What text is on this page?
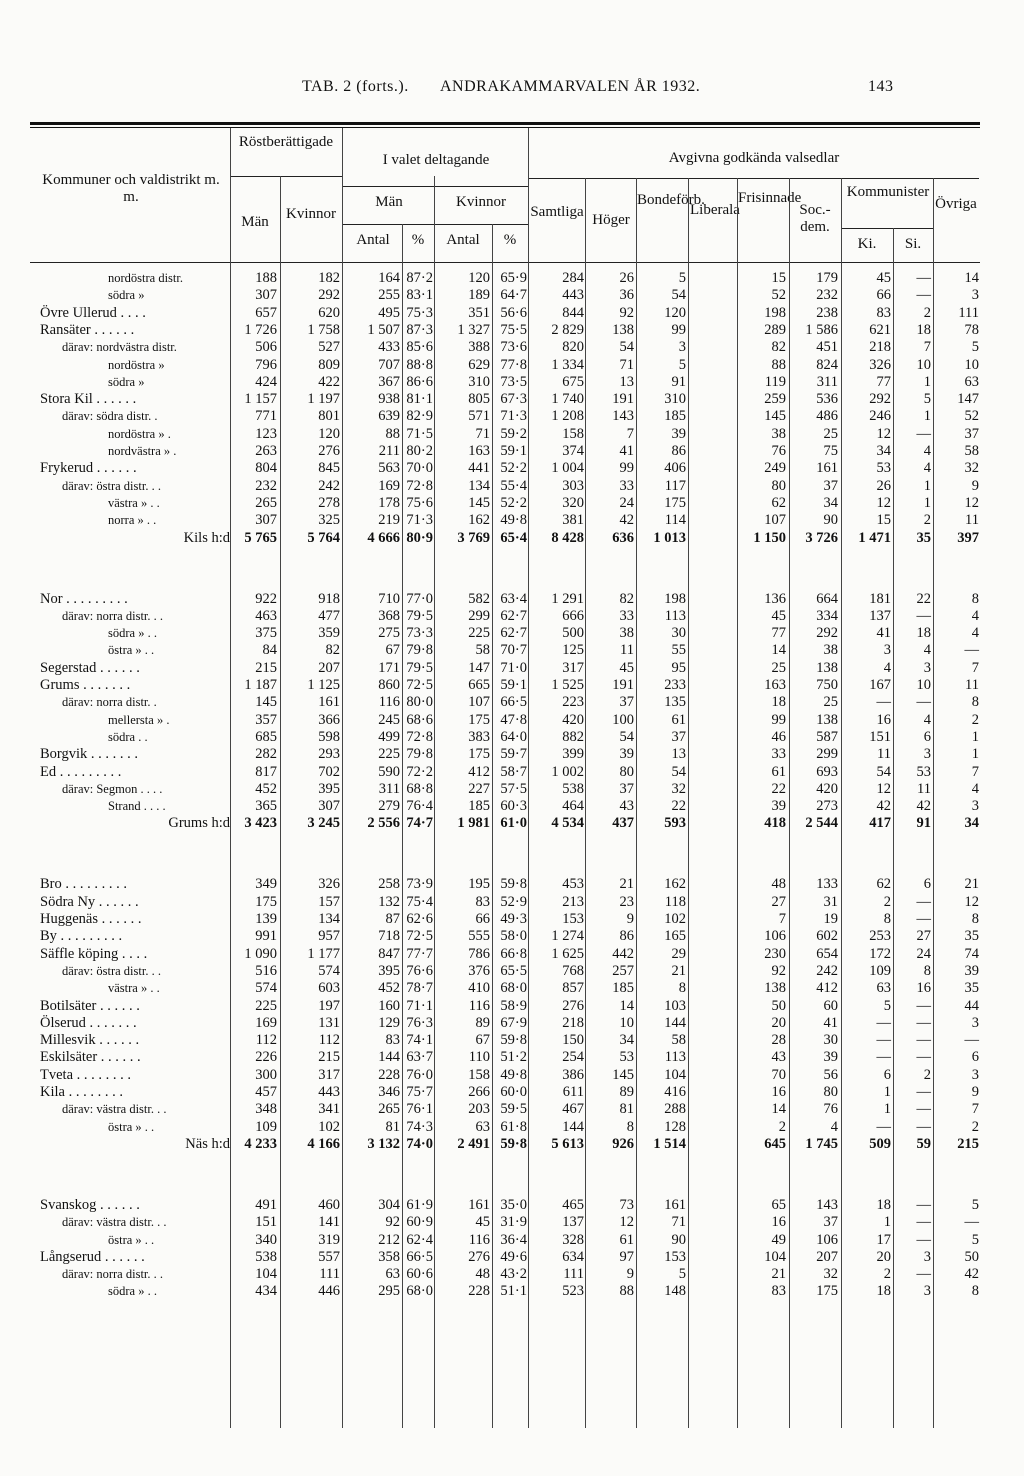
TAB. 2 (forts.). ANDRAKAMMARVALEN ÅR 1932.	143
Kommuner och valdistrikt m. m.
Röstberättigade
Män	Kvinnor
I valet deltagande
Män	Kvinnor
Antal	%	Antal	%
Avgivna godkända valsedlar
Samtliga Höger
Bondeförb.
Liberala
Frisinnade
Soc.-dem.
Kommunister
Ki.	Si.
Övriga
nordöstra distr.	188	182	164 87·2	120 65·9	284	26	5	15	179	45	—	14
södra »	307	292	255 83·1	189 64·7	443	36	54	52	232	66	—	3
Övre Ullerud . . . .	657	620	495 75·3	351 56·6	844	92	120	198	238	83	2	111
Ransäter . . . . . .	1 726	1 758	1 507 87·3	1 327 75·5	2 829	138	99	289	1 586	621	18	78
därav: nordvästra distr.	506	527	433 85·6	388 73·6	820	54	3	82	451	218	7	5
nordöstra »	796	809	707 88·8	629 77·8	1 334	71	5	88	824	326	10	10
södra »	424	422	367 86·6	310 73·5	675	13	91	119	311	77	1	63
Stora Kil . . . . . .	1 157	1 197	938 81·1	805 67·3	1 740	191	310	259	536	292	5	147
därav: södra distr. .	771	801	639 82·9	571 71·3	1 208	143	185	145	486	246	1	52
nordöstra » .	123	120	88 71·5	71 59·2	158	7	39	38	25	12	—	37
nordvästra » .	263	276	211 80·2	163 59·1	374	41	86	76	75	34	4	58
Frykerud . . . . . .	804	845	563 70·0	441 52·2	1 004	99	406	249	161	53	4	32
därav: östra distr. . .	232	242	169 72·8	134 55·4	303	33	117	80	37	26	1	9
västra » . .	265	278	178 75·6	145 52·2	320	24	175	62	34	12	1	12
norra » . .	307	325	219 71·3	162 49·8	381	42	114	107	90	15	2	11
Kils h:d 5 765	5 764	4 666 80·9	3 769 65·4	8 428	636	1 013	1 150	3 726	1 471	35	397
Nor . . . . . . . . .	922	918	710 77·0	582 63·4	1 291	82	198	136	664	181	22	8
därav: norra distr. . .	463	477	368 79·5	299 62·7	666	33	113	45	334	137	—	4
södra » . .	375	359	275 73·3	225 62·7	500	38	30	77	292	41	18	4
östra » . .	84	82	67 79·8	58 70·7	125	11	55	14	38	3	4	—
Segerstad . . . . . .	215	207	171 79·5	147 71·0	317	45	95	25	138	4	3	7
Grums . . . . . . .	1 187	1 125	860 72·5	665 59·1	1 525	191	233	163	750	167	10	11
därav: norra distr. .	145	161	116 80·0	107 66·5	223	37	135	18	25	—	—	8
mellersta » .	357	366	245 68·6	175 47·8	420	100	61	99	138	16	4	2
södra . .	685	598	499 72·8	383 64·0	882	54	37	46	587	151	6	1
Borgvik . . . . . . .	282	293	225 79·8	175 59·7	399	39	13	33	299	11	3	1
Ed . . . . . . . . .	817	702	590 72·2	412 58·7	1 002	80	54	61	693	54	53	7
därav: Segmon . . . .	452	395	311 68·8	227 57·5	538	37	32	22	420	12	11	4
Strand . . . .	365	307	279 76·4	185 60·3	464	43	22	39	273	42	42	3
Grums h:d 3 423	3 245	2 556 74·7	1 981 61·0	4 534	437	593	418	2 544	417	91	34
Bro . . . . . . . . .	349	326	258 73·9	195 59·8	453	21	162	48	133	62	6	21
Södra Ny . . . . . .	175	157	132 75·4	83 52·9	213	23	118	27	31	2	—	12
Huggenäs . . . . . .	139	134	87 62·6	66 49·3	153	9	102	7	19	8	—	8
By . . . . . . . . .	991	957	718 72·5	555 58·0	1 274	86	165	106	602	253	27	35
Säffle köping . . . .	1 090	1 177	847 77·7	786 66·8	1 625	442	29	230	654	172	24	74
därav: östra distr. . .	516	574	395 76·6	376 65·5	768	257	21	92	242	109	8	39
västra » . .	574	603	452 78·7	410 68·0	857	185	8	138	412	63	16	35
Botilsäter . . . . . .	225	197	160 71·1	116 58·9	276	14	103	50	60	5	—	44
Ölserud . . . . . . .	169	131	129 76·3	89 67·9	218	10	144	20	41	—	—	3
Millesvik . . . . . .	112	112	83 74·1	67 59·8	150	34	58	28	30	—	—	—
Eskilsäter . . . . . .	226	215	144 63·7	110 51·2	254	53	113	43	39	—	—	6
Tveta . . . . . . . .	300	317	228 76·0	158 49·8	386	145	104	70	56	6	2	3
Kila . . . . . . . .	457	443	346 75·7	266 60·0	611	89	416	16	80	1	—	9
därav: västra distr. . .	348	341	265 76·1	203 59·5	467	81	288	14	76	1	—	7
östra » . .	109	102	81 74·3	63 61·8	144	8	128	2	4	—	—	2
Näs h:d 4 233	4 166	3 132 74·0	2 491 59·8	5 613	926	1 514	645	1 745	509	59	215
Svanskog . . . . . .	491	460	304 61·9	161 35·0	465	73	161	65	143	18	—	5
därav: västra distr. . .	151	141	92 60·9	45 31·9	137	12	71	16	37	1	—	—
östra » . .	340	319	212 62·4	116 36·4	328	61	90	49	106	17	—	5
Långserud . . . . . .	538	557	358 66·5	276 49·6	634	97	153	104	207	20	3	50
därav: norra distr. . .	104	111	63 60·6	48 43·2	111	9	5	21	32	2	—	42
södra » . .	434	446	295 68·0	228 51·1	523	88	148	83	175	18	3	8
